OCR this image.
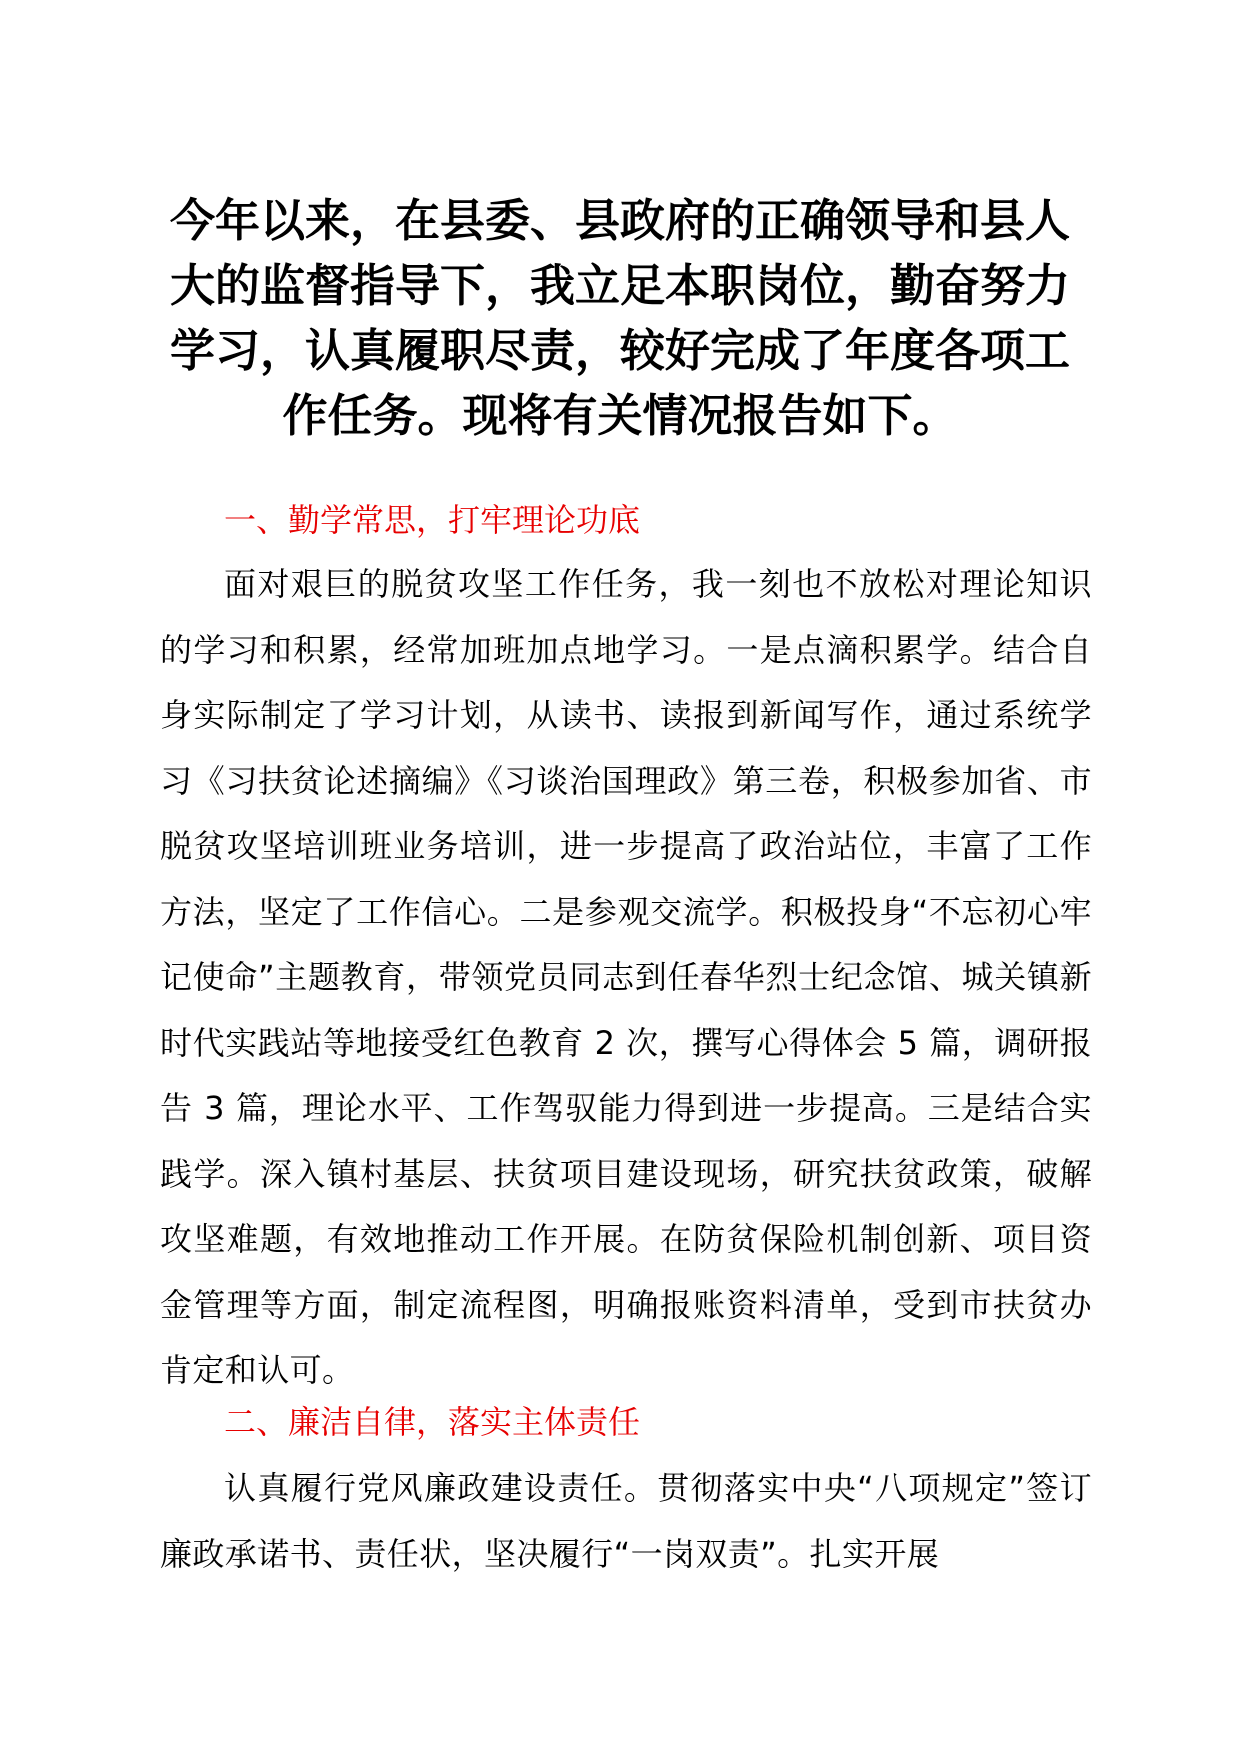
今年以来，在县委、县政府的正确领导和县人大的监督指导下，我立足本职岗位，勤奋努力学习，认真履职尽责，较好完成了年度各项工作任务。现将有关情况报告如下。

一、勤学常思，打牢理论功底

面对艰巨的脱贫攻坚工作任务，我一刻也不放松对理论知识的学习和积累，经常加班加点地学习。一是点滴积累学。结合自身实际制定了学习计划，从读书、读报到新闻写作，通过系统学习《习扶贫论述摘编》《习谈治国理政》第三卷，积极参加省、市脱贫攻坚培训班业务培训，进一步提高了政治站位，丰富了工作方法，坚定了工作信心。二是参观交流学。积极投身“不忘初心牢记使命”主题教育，带领党员同志到任春华烈士纪念馆、城关镇新时代实践站等地接受红色教育 2 次，撰写心得体会 5 篇，调研报告 3 篇，理论水平、工作驾驭能力得到进一步提高。三是结合实践学。深入镇村基层、扶贫项目建设现场，研究扶贫政策，破解攻坚难题，有效地推动工作开展。在防贫保险机制创新、项目资金管理等方面，制定流程图，明确报账资料清单，受到市扶贫办肯定和认可。

二、廉洁自律，落实主体责任

认真履行党风廉政建设责任。贯彻落实中央“八项规定”签订廉政承诺书、责任状，坚决履行“一岗双责”。扎实开展
